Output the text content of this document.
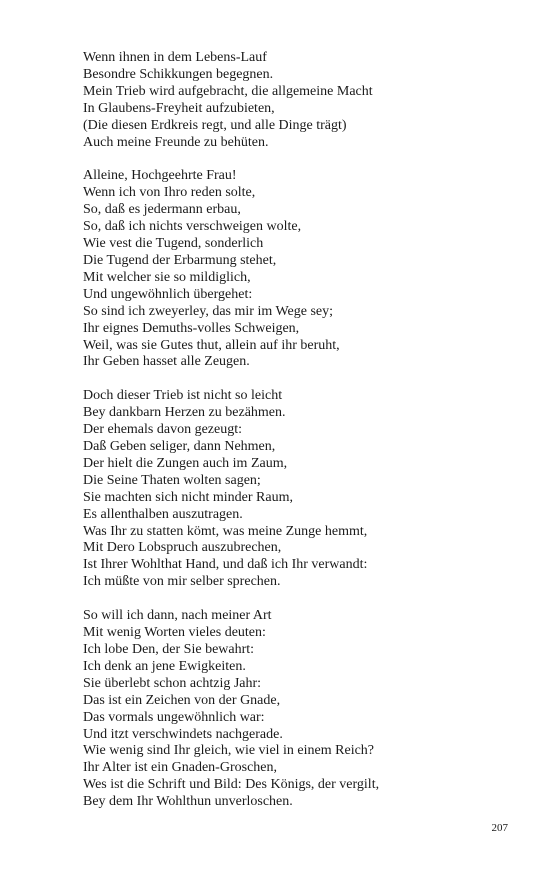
Wenn ihnen in dem Lebens-Lauf
Besondre Schikkungen begegnen.
Mein Trieb wird aufgebracht, die allgemeine Macht
In Glaubens-Freyheit aufzubieten,
(Die diesen Erdkreis regt, und alle Dinge trägt)
Auch meine Freunde zu behüten.
Alleine, Hochgeehrte Frau!
Wenn ich von Ihro reden solte,
So, daß es jedermann erbau,
So, daß ich nichts verschweigen wolte,
Wie vest die Tugend, sonderlich
Die Tugend der Erbarmung stehet,
Mit welcher sie so mildiglich,
Und ungewöhnlich übergehet:
So sind ich zweyerley, das mir im Wege sey;
Ihr eignes Demuths-volles Schweigen,
Weil, was sie Gutes thut, allein auf ihr beruht,
Ihr Geben hasset alle Zeugen.
Doch dieser Trieb ist nicht so leicht
Bey dankbarn Herzen zu bezähmen.
Der ehemals davon gezeugt:
Daß Geben seliger, dann Nehmen,
Der hielt die Zungen auch im Zaum,
Die Seine Thaten wolten sagen;
Sie machten sich nicht minder Raum,
Es allenthalben auszutragen.
Was Ihr zu statten kömt, was meine Zunge hemmt,
Mit Dero Lobspruch auszubrechen,
Ist Ihrer Wohlthat Hand, und daß ich Ihr verwandt:
Ich müßte von mir selber sprechen.
So will ich dann, nach meiner Art
Mit wenig Worten vieles deuten:
Ich lobe Den, der Sie bewahrt:
Ich denk an jene Ewigkeiten.
Sie überlebt schon achtzig Jahr:
Das ist ein Zeichen von der Gnade,
Das vormals ungewöhnlich war:
Und itzt verschwindets nachgerade.
Wie wenig sind Ihr gleich, wie viel in einem Reich?
Ihr Alter ist ein Gnaden-Groschen,
Wes ist die Schrift und Bild: Des Königs, der vergilt,
Bey dem Ihr Wohlthun unverloschen.
207
